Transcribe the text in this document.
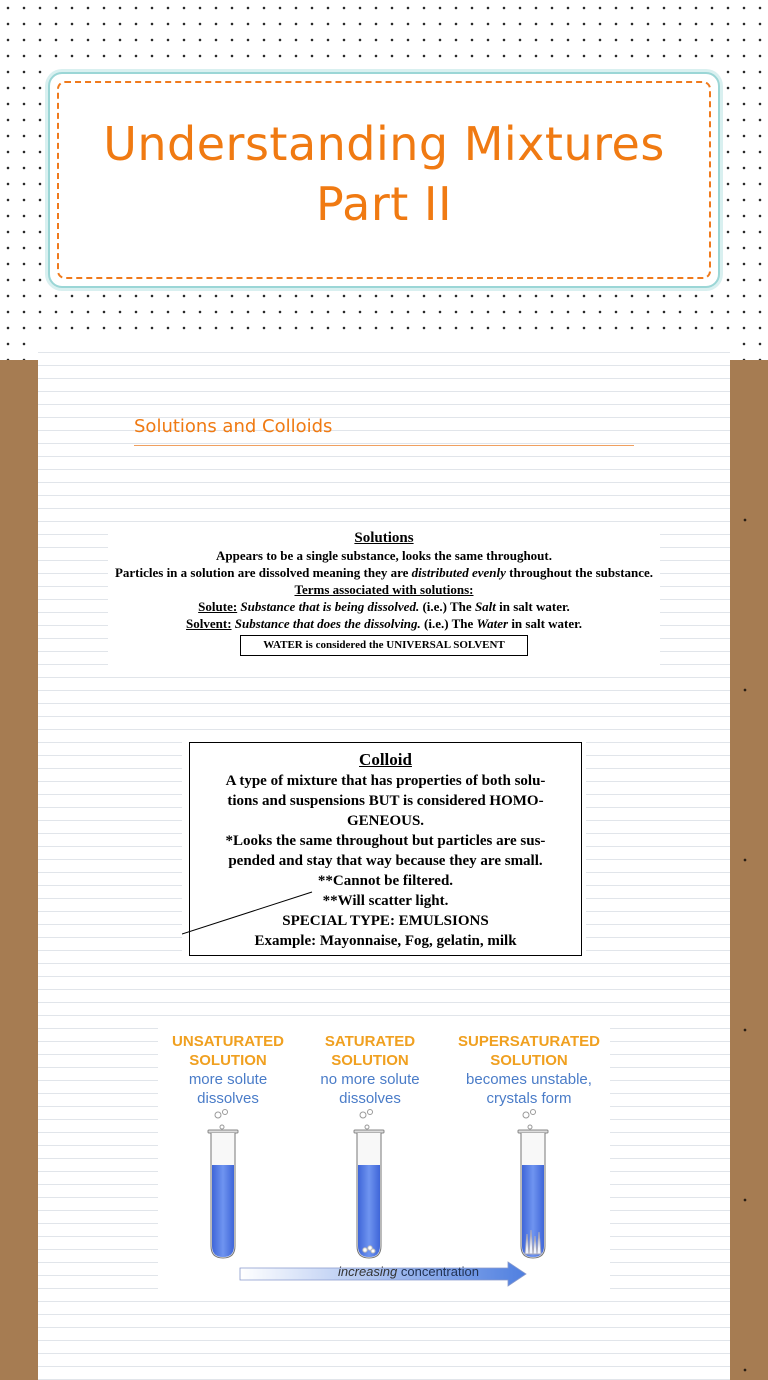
Understanding Mixtures Part II
Solutions and Colloids
Solutions
Appears to be a single substance, looks the same throughout.
Particles in a solution are dissolved meaning they are distributed evenly throughout the substance.
Terms associated with solutions:
Solute: Substance that is being dissolved. (i.e.) The Salt in salt water.
Solvent: Substance that does the dissolving. (i.e.) The Water in salt water.
WATER is considered the UNIVERSAL SOLVENT
Colloid
A type of mixture that has properties of both solu-
tions and suspensions BUT is considered HOMO-
GENEOUS.
*Looks the same throughout but particles are sus-
pended and stay that way because they are small.
**Cannot be filtered.
**Will scatter light.
SPECIAL TYPE: EMULSIONS
Example: Mayonnaise, Fog, gelatin, milk
UNSATURATED
SOLUTION
more solute
dissolves
SATURATED
SOLUTION
no more solute
dissolves
SUPERSATURATED
SOLUTION
becomes unstable,
crystals form
increasing concentration
